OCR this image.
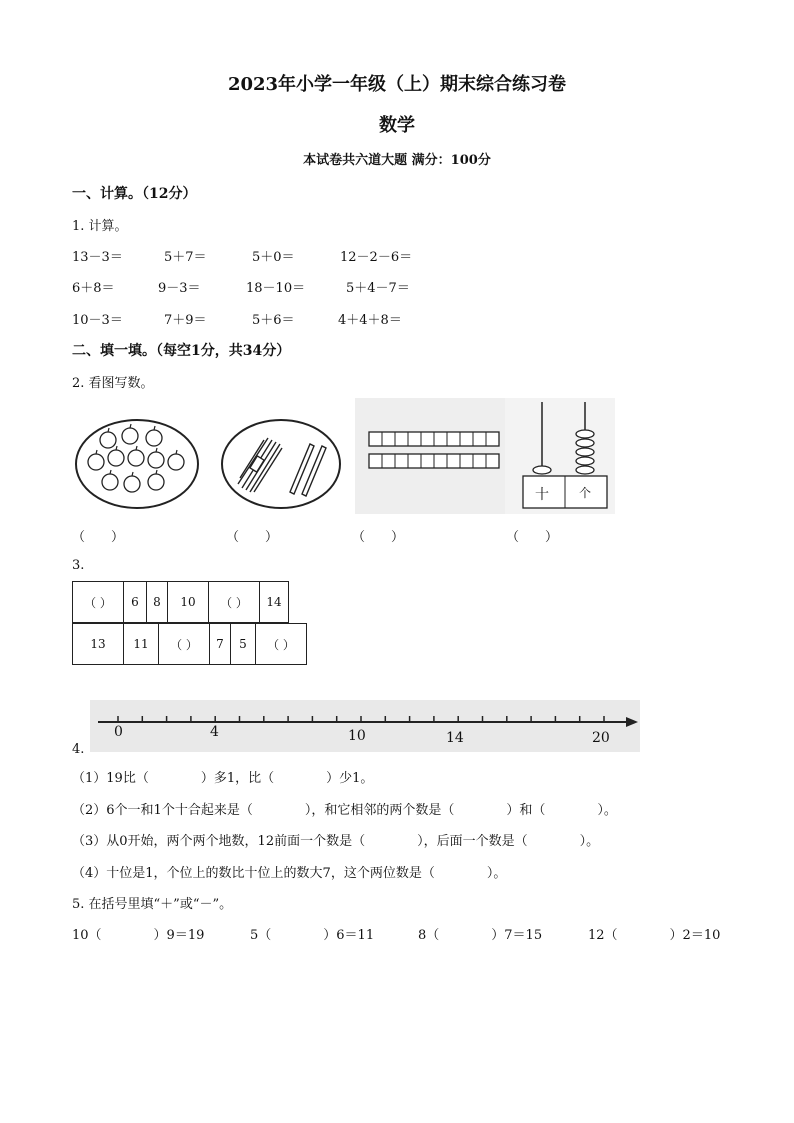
2023年小学一年级（上）期末综合练习卷
数学
本试卷共六道大题 满分：100分
一、计算。（12分）
1. 计算。
13－3＝	5＋7＝	5＋0＝	12－2－6＝
6＋8＝	9－3＝	18－10＝	5＋4－7＝
10－3＝	7＋9＝	5＋6＝	4＋4＋8＝
二、填一填。（每空1分，共34分）
2. 看图写数。
十	个
（　　）	（　　）	（　　）	（　　）
3.
（ ）	6	8	10	（ ）	14	
13	11	（ ）	7	5	（ ）
0	4	10	14	20
4.
（1）19比（　　　　）多1，比（　　　　）少1。
（2）6个一和1个十合起来是（　　　　），和它相邻的两个数是（　　　　）和（　　　　）。
（3）从0开始，两个两个地数，12前面一个数是（　　　　），后面一个数是（　　　　）。
（4）十位是1，个位上的数比十位上的数大7，这个两位数是（　　　　）。
5. 在括号里填“＋”或“－”。
10（　　　　）9＝19	5（　　　　）6＝11	8（　　　　）7＝15	12（　　　　）2＝10
